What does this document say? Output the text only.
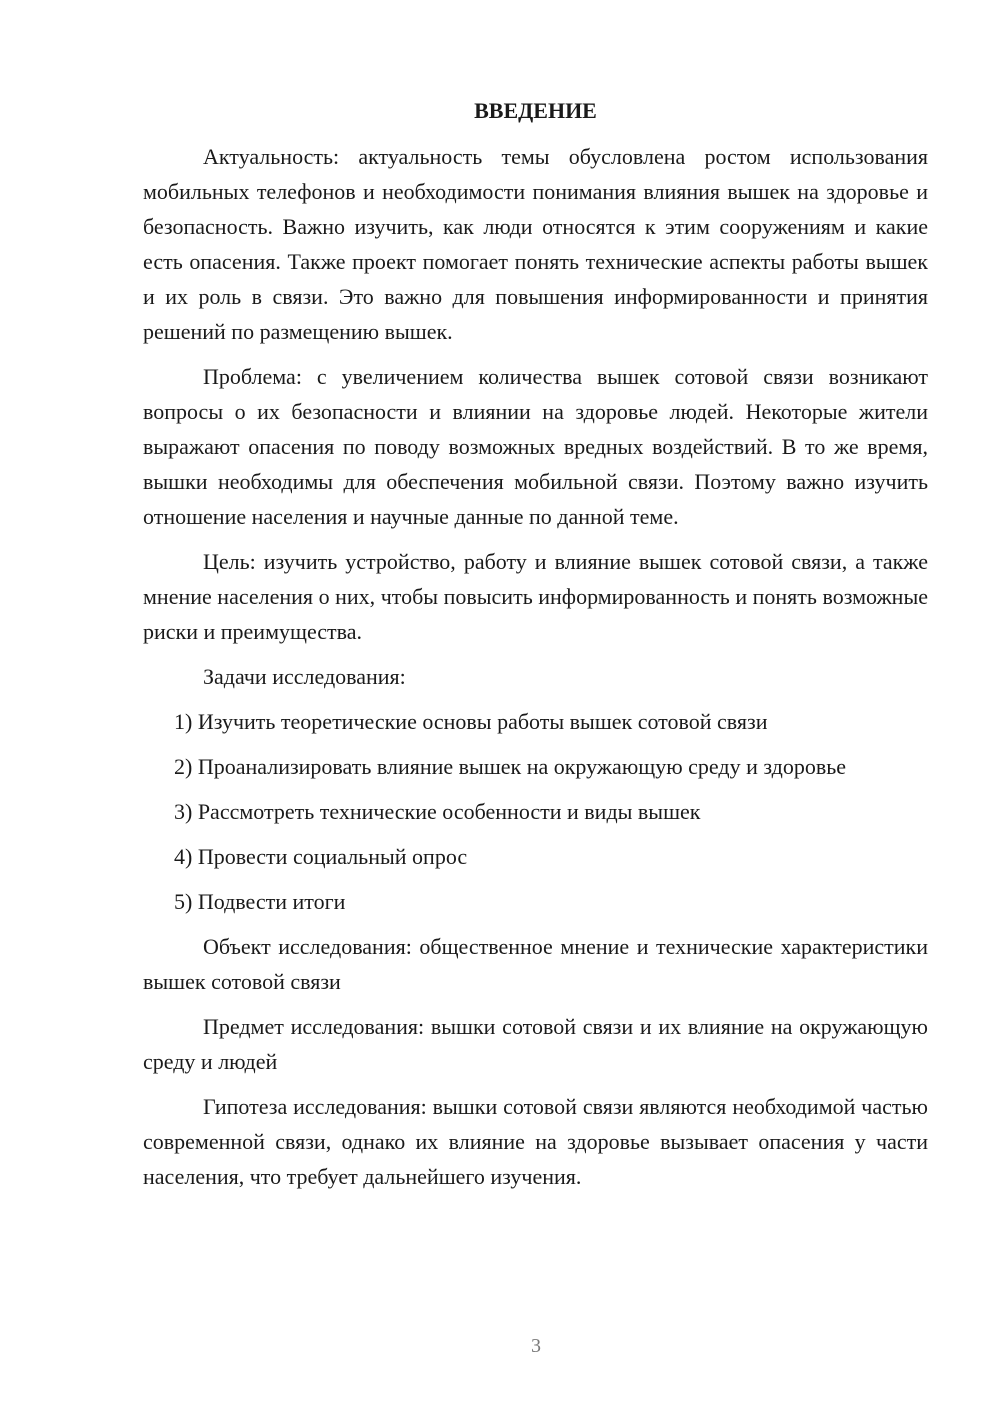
ВВЕДЕНИЕ

Актуальность: актуальность темы обусловлена ростом использования мобильных телефонов и необходимости понимания влияния вышек на здоровье и безопасность. Важно изучить, как люди относятся к этим сооружениям и какие есть опасения. Также проект помогает понять технические аспекты работы вышек и их роль в связи. Это важно для повышения информированности и принятия решений по размещению вышек.

Проблема: с увеличением количества вышек сотовой связи возникают вопросы о их безопасности и влиянии на здоровье людей. Некоторые жители выражают опасения по поводу возможных вредных воздействий. В то же время, вышки необходимы для обеспечения мобильной связи. Поэтому важно изучить отношение населения и научные данные по данной теме.

Цель: изучить устройство, работу и влияние вышек сотовой связи, а также мнение населения о них, чтобы повысить информированность и понять возможные риски и преимущества.

Задачи исследования:

1) Изучить теоретические основы работы вышек сотовой связи

2) Проанализировать влияние вышек на окружающую среду и здоровье

3) Рассмотреть технические особенности и виды вышек

4) Провести социальный опрос

5) Подвести итоги

Объект исследования: общественное мнение и технические характеристики вышек сотовой связи

Предмет исследования: вышки сотовой связи и их влияние на окружающую среду и людей

Гипотеза исследования: вышки сотовой связи являются необходимой частью современной связи, однако их влияние на здоровье вызывает опасения у части населения, что требует дальнейшего изучения.

3
